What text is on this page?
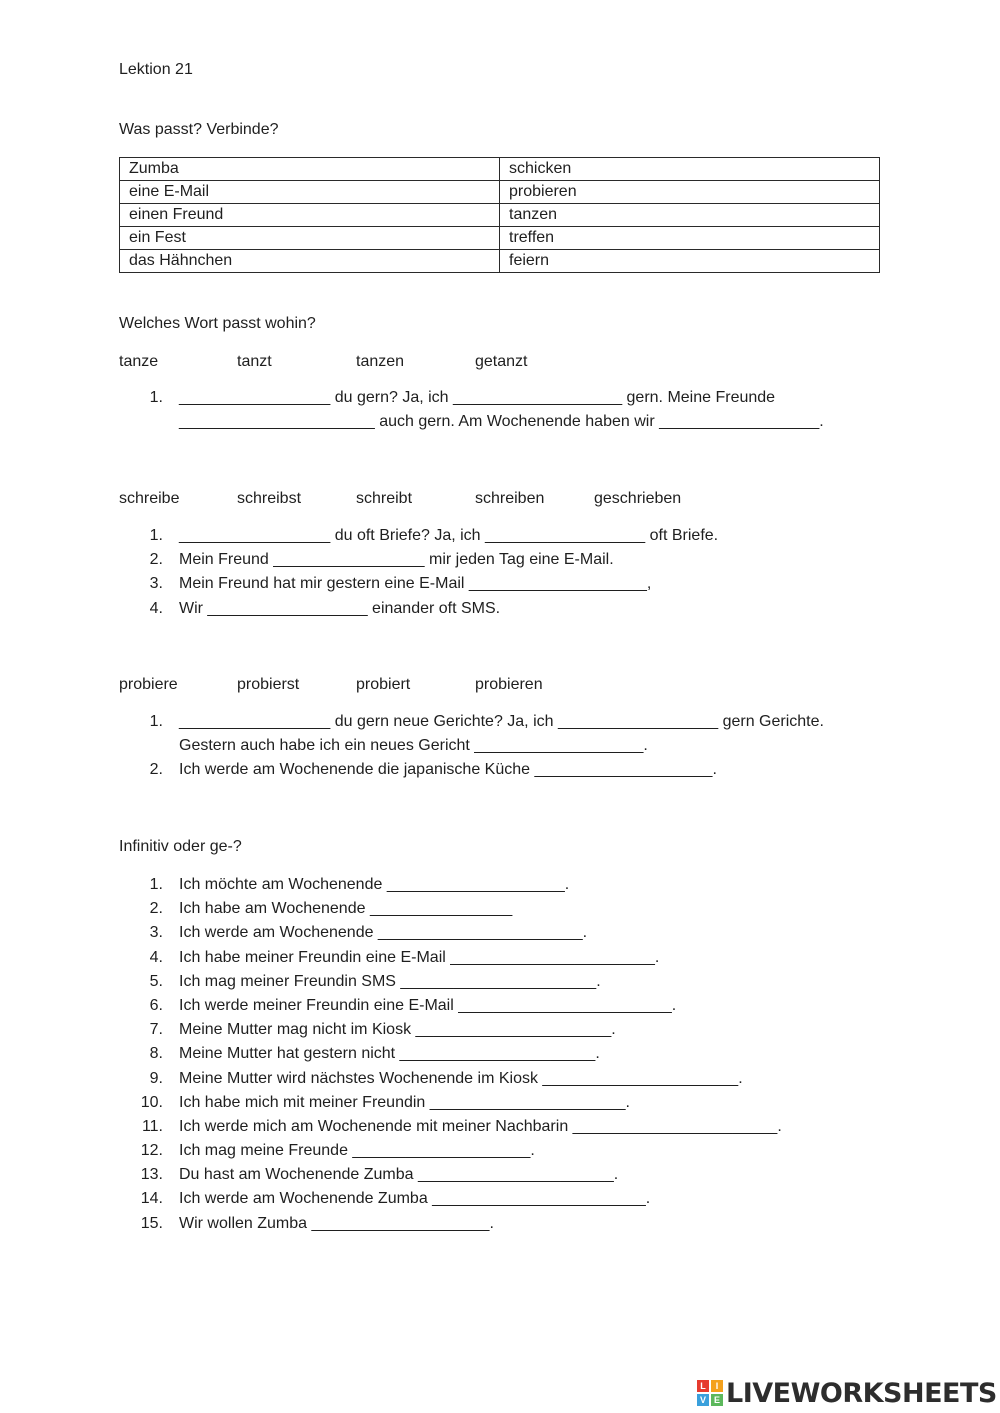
Lektion 21
Was passt? Verbinde?
Zumba	schicken
eine E-Mail	probieren
einen Freund	tanzen
ein Fest	treffen
das Hähnchen	feiern
Welches Wort passt wohin?
tanze	tanzt	tanzen	getanzt
1. _________________ du gern? Ja, ich ___________________ gern. Meine Freunde
______________________ auch gern. Am Wochenende haben wir __________________.
schreibe	schreibst	schreibt	schreiben	geschrieben
1. _________________ du oft Briefe? Ja, ich __________________ oft Briefe.
2. Mein Freund _________________ mir jeden Tag eine E-Mail.
3. Mein Freund hat mir gestern eine E-Mail ____________________,
4. Wir __________________ einander oft SMS.
probiere	probierst	probiert	probieren
1. _________________ du gern neue Gerichte? Ja, ich __________________ gern Gerichte.
Gestern auch habe ich ein neues Gericht ___________________.
2. Ich werde am Wochenende die japanische Küche ____________________.
Infinitiv oder ge-?
1. Ich möchte am Wochenende ____________________.
2. Ich habe am Wochenende ________________
3. Ich werde am Wochenende _______________________.
4. Ich habe meiner Freundin eine E-Mail _______________________.
5. Ich mag meiner Freundin SMS ______________________.
6. Ich werde meiner Freundin eine E-Mail ________________________.
7. Meine Mutter mag nicht im Kiosk ______________________.
8. Meine Mutter hat gestern nicht ______________________.
9. Meine Mutter wird nächstes Wochenende im Kiosk ______________________.
10. Ich habe mich mit meiner Freundin ______________________.
11. Ich werde mich am Wochenende mit meiner Nachbarin _______________________.
12. Ich mag meine Freunde ____________________.
13. Du hast am Wochenende Zumba ______________________.
14. Ich werde am Wochenende Zumba ________________________.
15. Wir wollen Zumba ____________________.
L	I
V E LIVEWORKSHEETS
